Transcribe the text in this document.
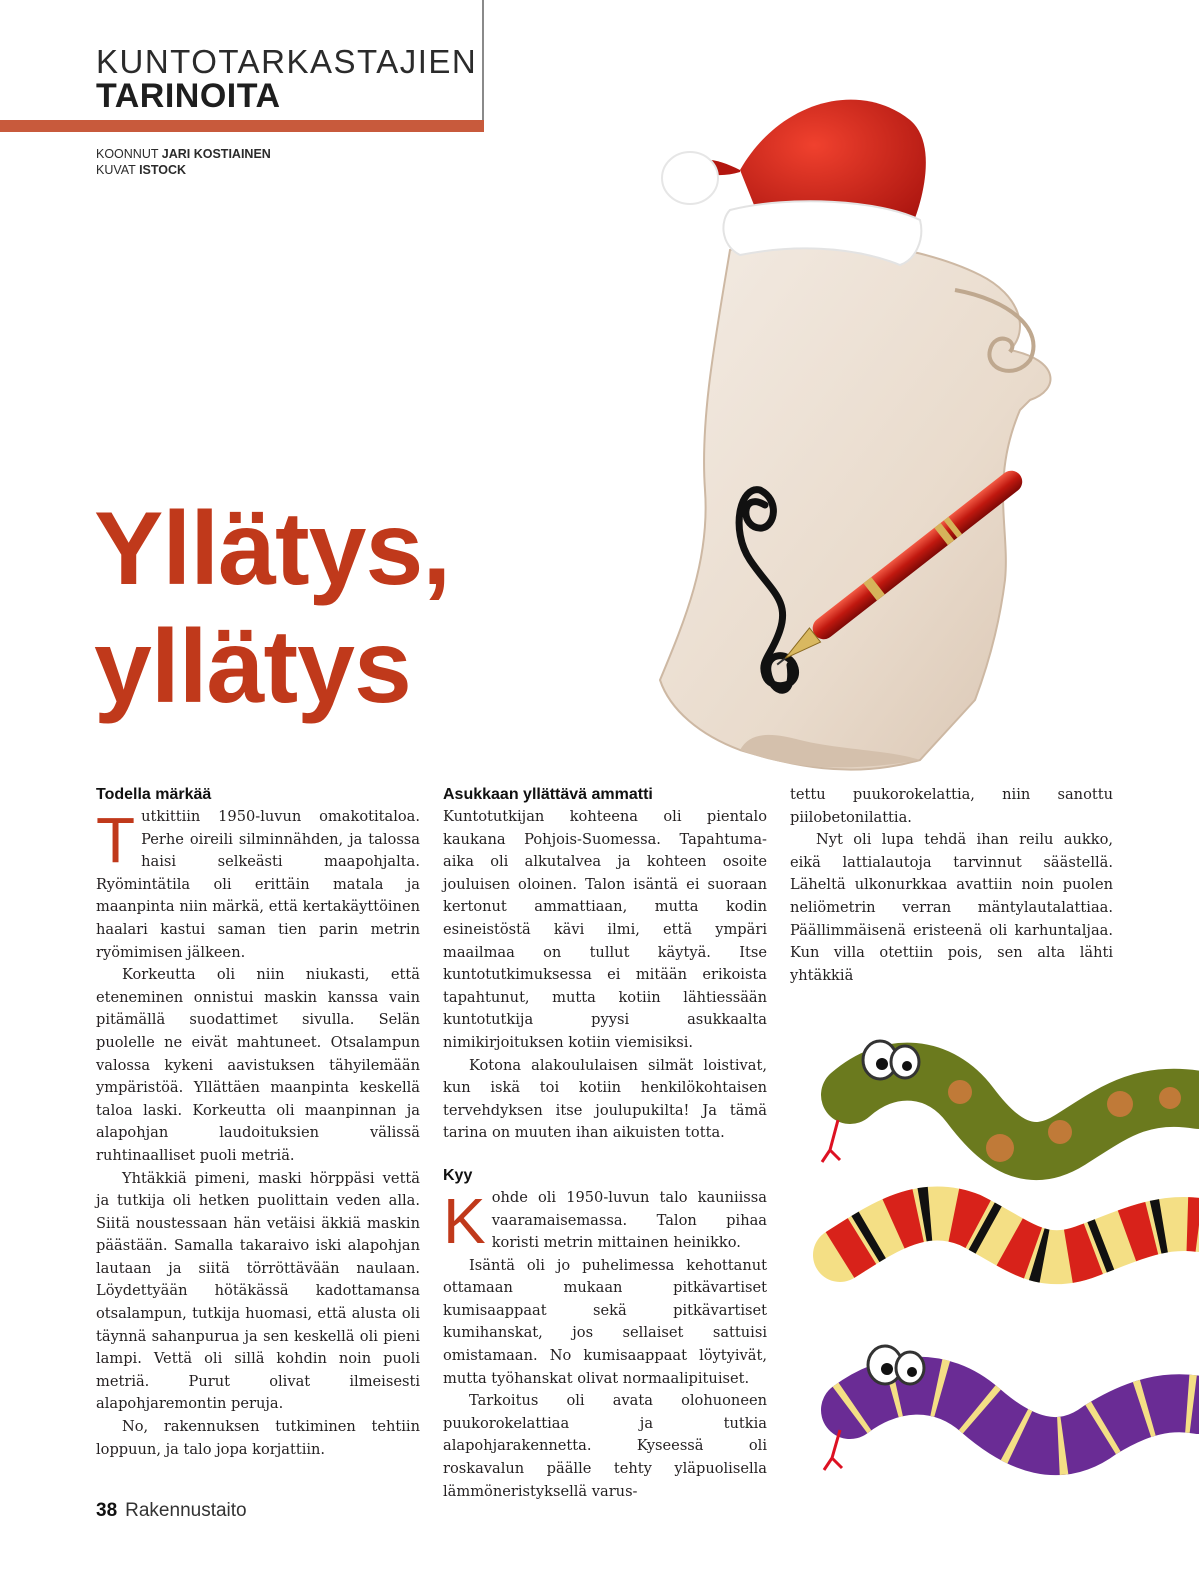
KUNTOTARKASTAJIEN
TARINOITA
KOONNUT JARI KOSTIAINEN
KUVAT ISTOCK
Yllätys,
yllätys
Todella märkää

Tutkittiin 1950-luvun omakotitaloa. Perhe oireili silminnähden, ja talossa haisi selkeästi maapohjalta. Ryömintätila oli erittäin matala ja maanpinta niin märkä, että kertakäyttöinen haalari kastui saman tien parin metrin ryömimisen jälkeen.

Korkeutta oli niin niukasti, että eteneminen onnistui maskin kanssa vain pitämällä suodattimet sivulla. Selän puolelle ne eivät mahtuneet. Otsalampun valossa kykeni aavistuksen tähyilemään ympäristöä. Yllättäen maanpinta keskellä taloa laski. Korkeutta oli maanpinnan ja alapohjan laudoituksien välissä ruhtinaalliset puoli metriä.

Yhtäkkiä pimeni, maski hörppäsi vettä ja tutkija oli hetken puolittain veden alla. Siitä noustessaan hän vetäisi äkkiä maskin päästään. Samalla takaraivo iski alapohjan lautaan ja siitä törröttävään naulaan. Löydettyään hötäkässä kadottamansa otsalampun, tutkija huomasi, että alusta oli täynnä sahanpurua ja sen keskellä oli pieni lampi. Vettä oli sillä kohdin noin puoli metriä. Purut olivat ilmeisesti alapohjaremontin peruja.

No, rakennuksen tutkiminen tehtiin loppuun, ja talo jopa korjattiin.

Asukkaan yllättävä ammatti

Kuntotutkijan kohteena oli pientalo kaukana Pohjois-Suomessa. Tapahtuma-aika oli alkutalvea ja kohteen osoite jouluisen oloinen. Talon isäntä ei suoraan kertonut ammattiaan, mutta kodin esineistöstä kävi ilmi, että ympäri maailmaa on tullut käytyä. Itse kuntotutkimuksessa ei mitään erikoista tapahtunut, mutta kotiin lähtiessään kuntotutkija pyysi asukkaalta nimikirjoituksen kotiin viemisiksi.

Kotona alakoululaisen silmät loistivat, kun iskä toi kotiin henkilökohtaisen tervehdyksen itse joulupukilta! Ja tämä tarina on muuten ihan aikuisten totta.

Kyy

Kohde oli 1950-luvun talo kauniissa vaaramaisemassa. Talon pihaa koristi metrin mittainen heinikko.

Isäntä oli jo puhelimessa kehottanut ottamaan mukaan pitkävartiset kumisaappaat sekä pitkävartiset kumihanskat, jos sellaiset sattuisi omistamaan. No kumisaappaat löytyivät, mutta työhanskat olivat normaalipituiset.

Tarkoitus oli avata olohuoneen puukorokelattiaa ja tutkia alapohjarakennetta. Kyseessä oli roskavalun päälle tehty yläpuolisella lämmöneristyksellä varus-

tettu puukorokelattia, niin sanottu piilobetonilattia.

Nyt oli lupa tehdä ihan reilu aukko, eikä lattialautoja tarvinnut säästellä. Läheltä ulkonurkkaa avattiin noin puolen neliömetrin verran mäntylautalattiaa. Päällimmäisenä eristeenä oli karhuntaljaa. Kun villa otettiin pois, sen alta lähti yhtäkkiä

38 Rakennustaito
